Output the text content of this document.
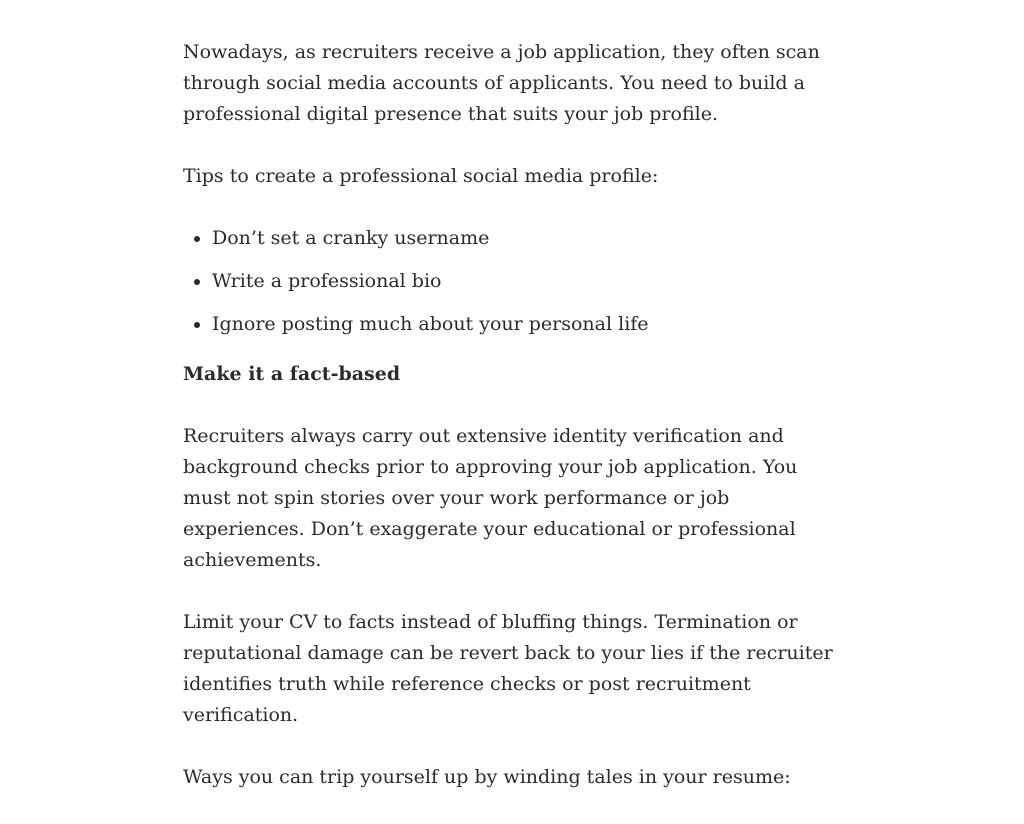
Nowadays, as recruiters receive a job application, they often scan through social media accounts of applicants. You need to build a professional digital presence that suits your job profile.

Tips to create a professional social media profile:

• Don’t set a cranky username
• Write a professional bio
• Ignore posting much about your personal life
Make it a fact-based

Recruiters always carry out extensive identity verification and background checks prior to approving your job application. You must not spin stories over your work performance or job experiences. Don’t exaggerate your educational or professional achievements.

Limit your CV to facts instead of bluffing things. Termination or reputational damage can be revert back to your lies if the recruiter identifies truth while reference checks or post recruitment verification.

Ways you can trip yourself up by winding tales in your resume:
